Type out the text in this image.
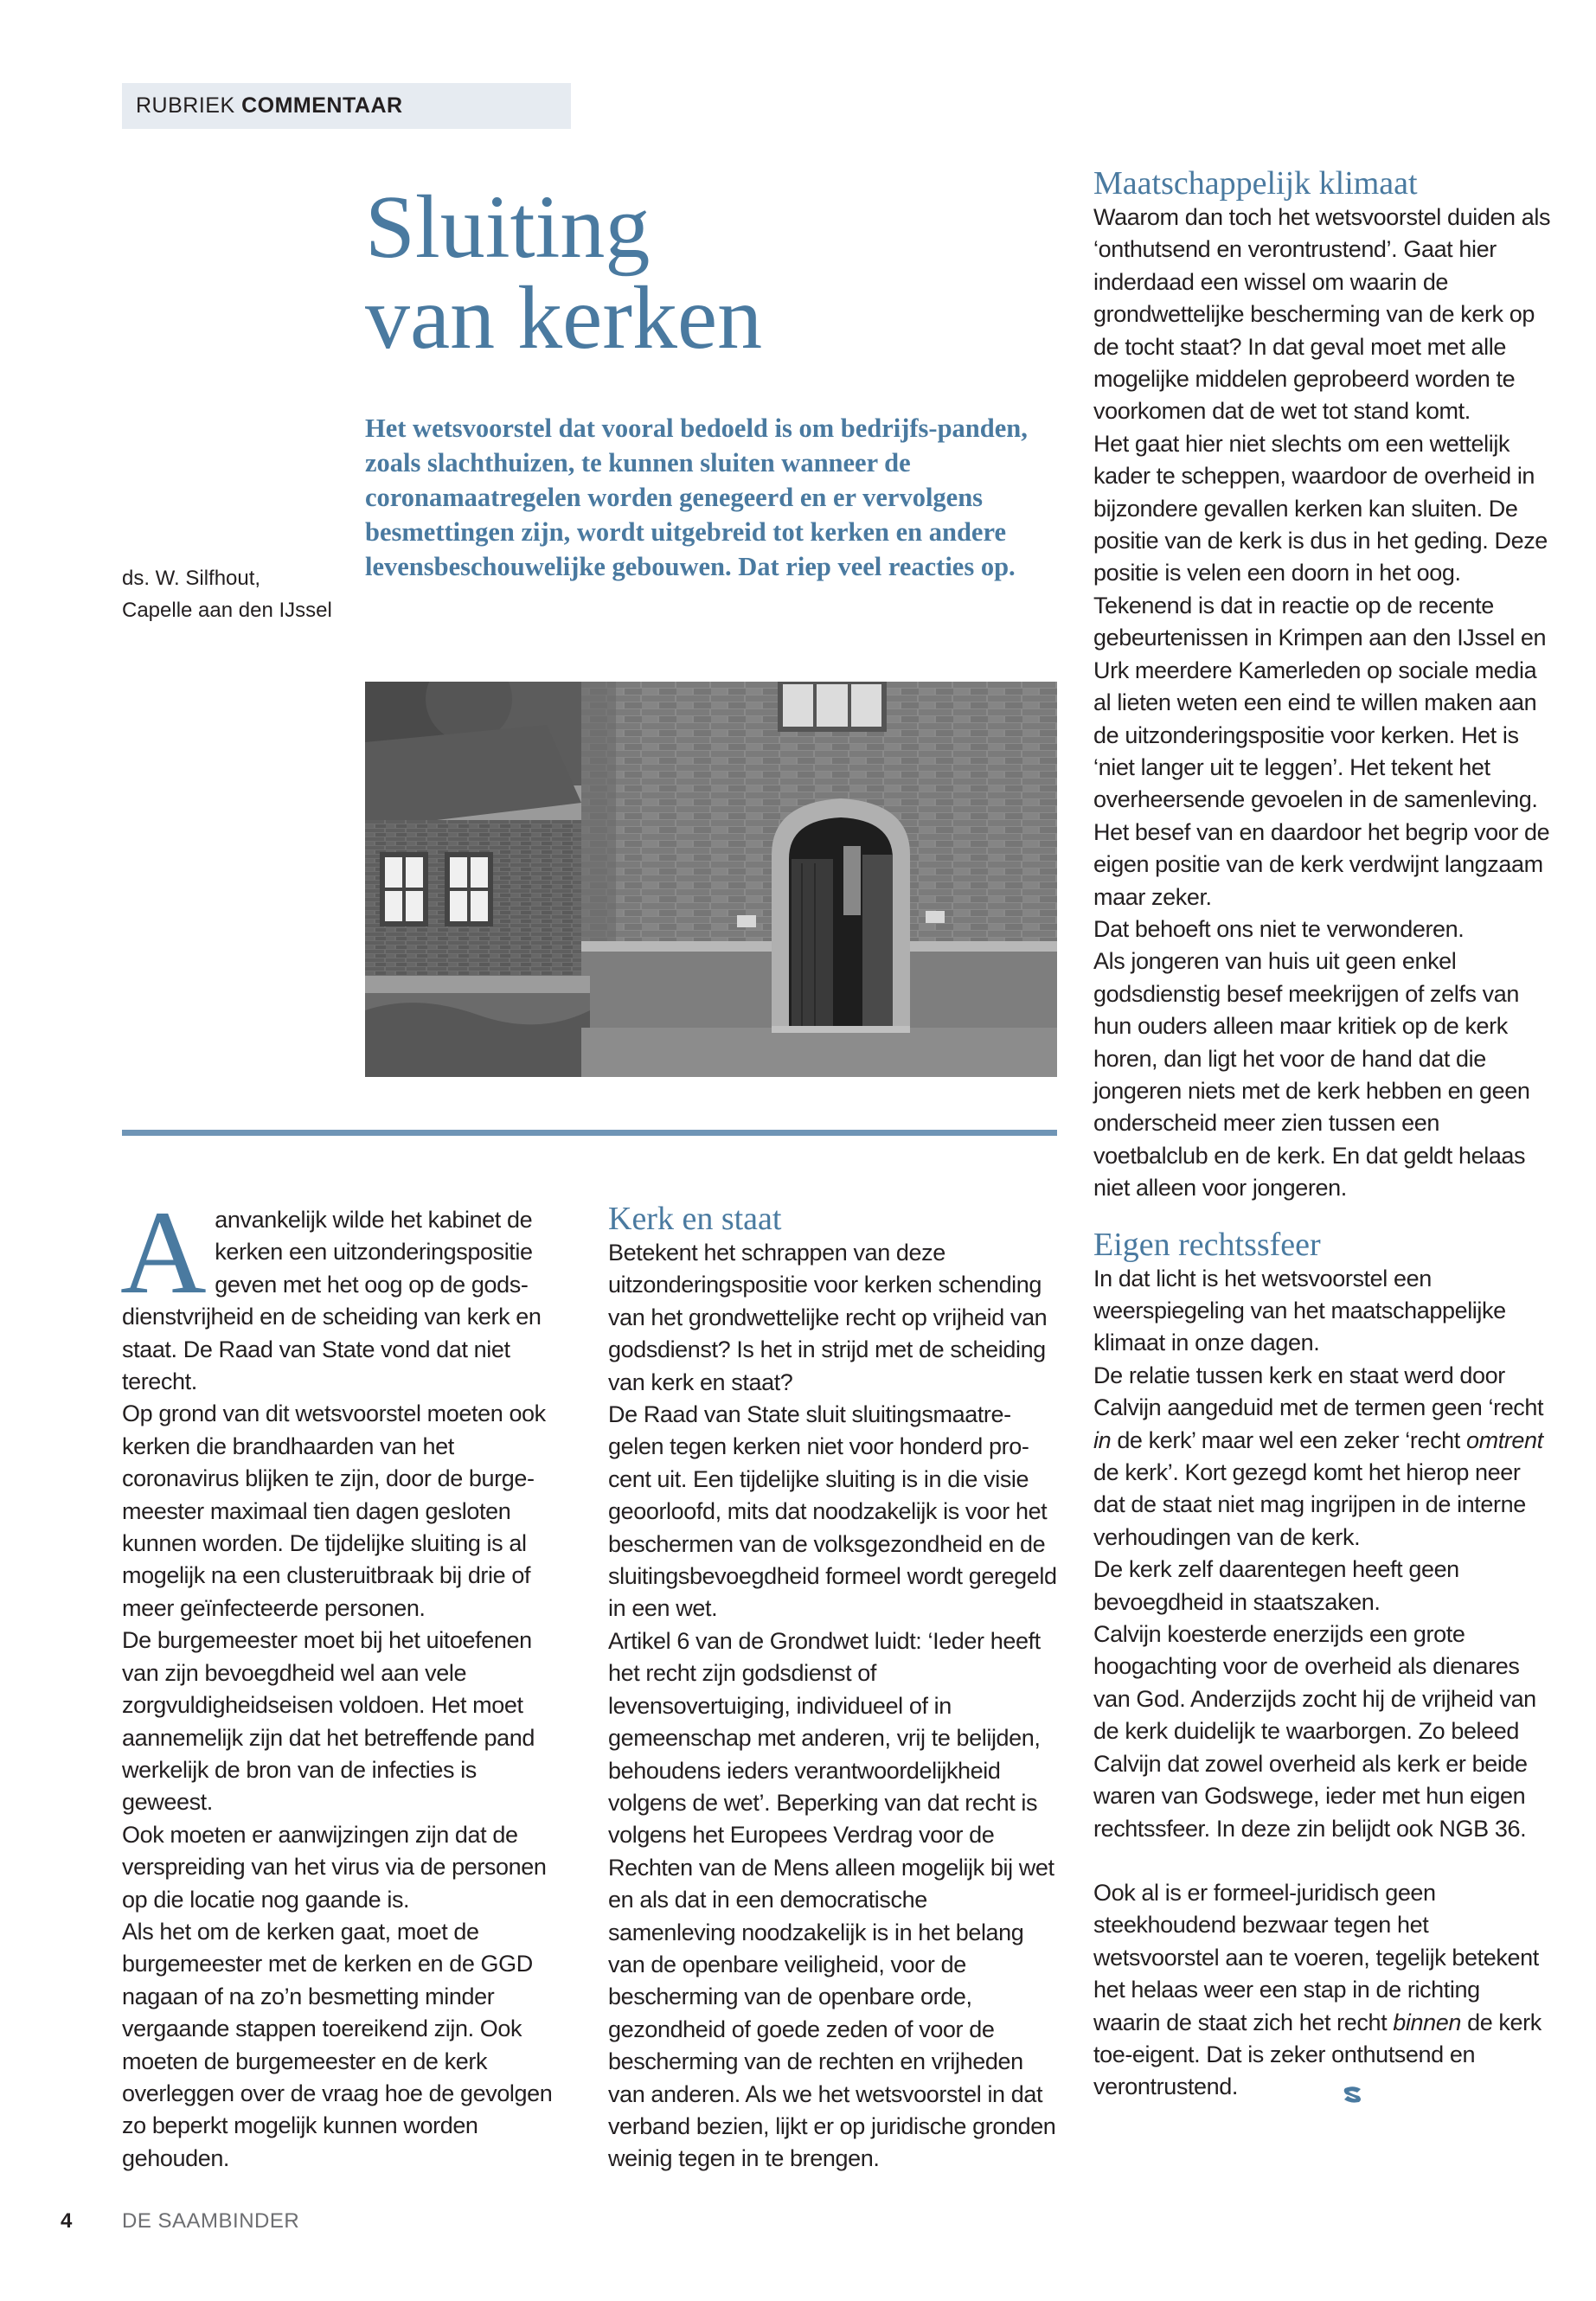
RUBRIEK COMMENTAAR
Sluiting
van kerken

Het wetsvoorstel dat vooral bedoeld is om bedrijfs-panden, zoals slachthuizen, te kunnen sluiten wanneer de coronamaatregelen worden genegeerd en er vervolgens besmettingen zijn, wordt uitgebreid tot kerken en andere levensbeschouwelijke gebouwen. Dat riep veel reacties op.

ds. W. Silfhout,
Capelle aan den IJssel

Aanvankelijk wilde het kabinet de kerken een uitzonderingspositie geven met het oog op de gods-dienstvrijheid en de scheiding van kerk en staat. De Raad van State vond dat niet terecht.

Op grond van dit wetsvoorstel moeten ook kerken die brandhaarden van het coronavirus blijken te zijn, door de burge-meester maximaal tien dagen gesloten kunnen worden. De tijdelijke sluiting is al mogelijk na een clusteruitbraak bij drie of meer geïnfecteerde personen.

De burgemeester moet bij het uitoefenen van zijn bevoegdheid wel aan vele zorgvuldigheidseisen voldoen. Het moet aannemelijk zijn dat het betreffende pand werkelijk de bron van de infecties is geweest.

Ook moeten er aanwijzingen zijn dat de verspreiding van het virus via de personen op die locatie nog gaande is.

Als het om de kerken gaat, moet de burgemeester met de kerken en de GGD nagaan of na zo’n besmetting minder vergaande stappen toereikend zijn. Ook moeten de burgemeester en de kerk overleggen over de vraag hoe de gevolgen zo beperkt mogelijk kunnen worden gehouden.

Kerk en staat

Betekent het schrappen van deze uitzonderingspositie voor kerken schending van het grondwettelijke recht op vrijheid van godsdienst? Is het in strijd met de scheiding van kerk en staat?

De Raad van State sluit sluitingsmaatre-gelen tegen kerken niet voor honderd pro-cent uit. Een tijdelijke sluiting is in die visie geoorloofd, mits dat noodzakelijk is voor het beschermen van de volksgezondheid en de sluitingsbevoegdheid formeel wordt geregeld in een wet.

Artikel 6 van de Grondwet luidt: ‘Ieder heeft het recht zijn godsdienst of levensovertuiging, individueel of in gemeenschap met anderen, vrij te belijden, behoudens ieders verantwoordelijkheid volgens de wet’. Beperking van dat recht is volgens het Europees Verdrag voor de Rechten van de Mens alleen mogelijk bij wet en als dat in een democratische samenleving noodzakelijk is in het belang van de openbare veiligheid, voor de bescherming van de openbare orde, gezondheid of goede zeden of voor de bescherming van de rechten en vrijheden van anderen. Als we het wetsvoorstel in dat verband bezien, lijkt er op juridische gronden weinig tegen in te brengen.

Maatschappelijk klimaat

Waarom dan toch het wetsvoorstel duiden als ‘onthutsend en verontrustend’. Gaat hier inderdaad een wissel om waarin de grondwettelijke bescherming van de kerk op de tocht staat? In dat geval moet met alle mogelijke middelen geprobeerd worden te voorkomen dat de wet tot stand komt.

Het gaat hier niet slechts om een wettelijk kader te scheppen, waardoor de overheid in bijzondere gevallen kerken kan sluiten. De positie van de kerk is dus in het geding. Deze positie is velen een doorn in het oog. Tekenend is dat in reactie op de recente gebeurtenissen in Krimpen aan den IJssel en Urk meerdere Kamerleden op sociale media al lieten weten een eind te willen maken aan de uitzonderingspositie voor kerken. Het is ‘niet langer uit te leggen’. Het tekent het overheersende gevoelen in de samenleving. Het besef van en daardoor het begrip voor de eigen positie van de kerk verdwijnt langzaam maar zeker.

Dat behoeft ons niet te verwonderen.

Als jongeren van huis uit geen enkel godsdienstig besef meekrijgen of zelfs van hun ouders alleen maar kritiek op de kerk horen, dan ligt het voor de hand dat die jongeren niets met de kerk hebben en geen onderscheid meer zien tussen een voetbalclub en de kerk. En dat geldt helaas niet alleen voor jongeren.

Eigen rechtssfeer

In dat licht is het wetsvoorstel een weerspiegeling van het maatschappelijke klimaat in onze dagen.

De relatie tussen kerk en staat werd door Calvijn aangeduid met de termen geen ‘recht in de kerk’ maar wel een zeker ‘recht omtrent de kerk’. Kort gezegd komt het hierop neer dat de staat niet mag ingrijpen in de interne verhoudingen van de kerk.

De kerk zelf daarentegen heeft geen bevoegdheid in staatszaken.

Calvijn koesterde enerzijds een grote hoogachting voor de overheid als dienares van God. Anderzijds zocht hij de vrijheid van de kerk duidelijk te waarborgen. Zo beleed Calvijn dat zowel overheid als kerk er beide waren van Godswege, ieder met hun eigen rechtssfeer. In deze zin belijdt ook NGB 36.

Ook al is er formeel-juridisch geen steekhoudend bezwaar tegen het wetsvoorstel aan te voeren, tegelijk betekent het helaas weer een stap in de richting waarin de staat zich het recht binnen de kerk toe-eigent. Dat is zeker onthutsend en verontrustend.

4 DE SAAMBINDER
